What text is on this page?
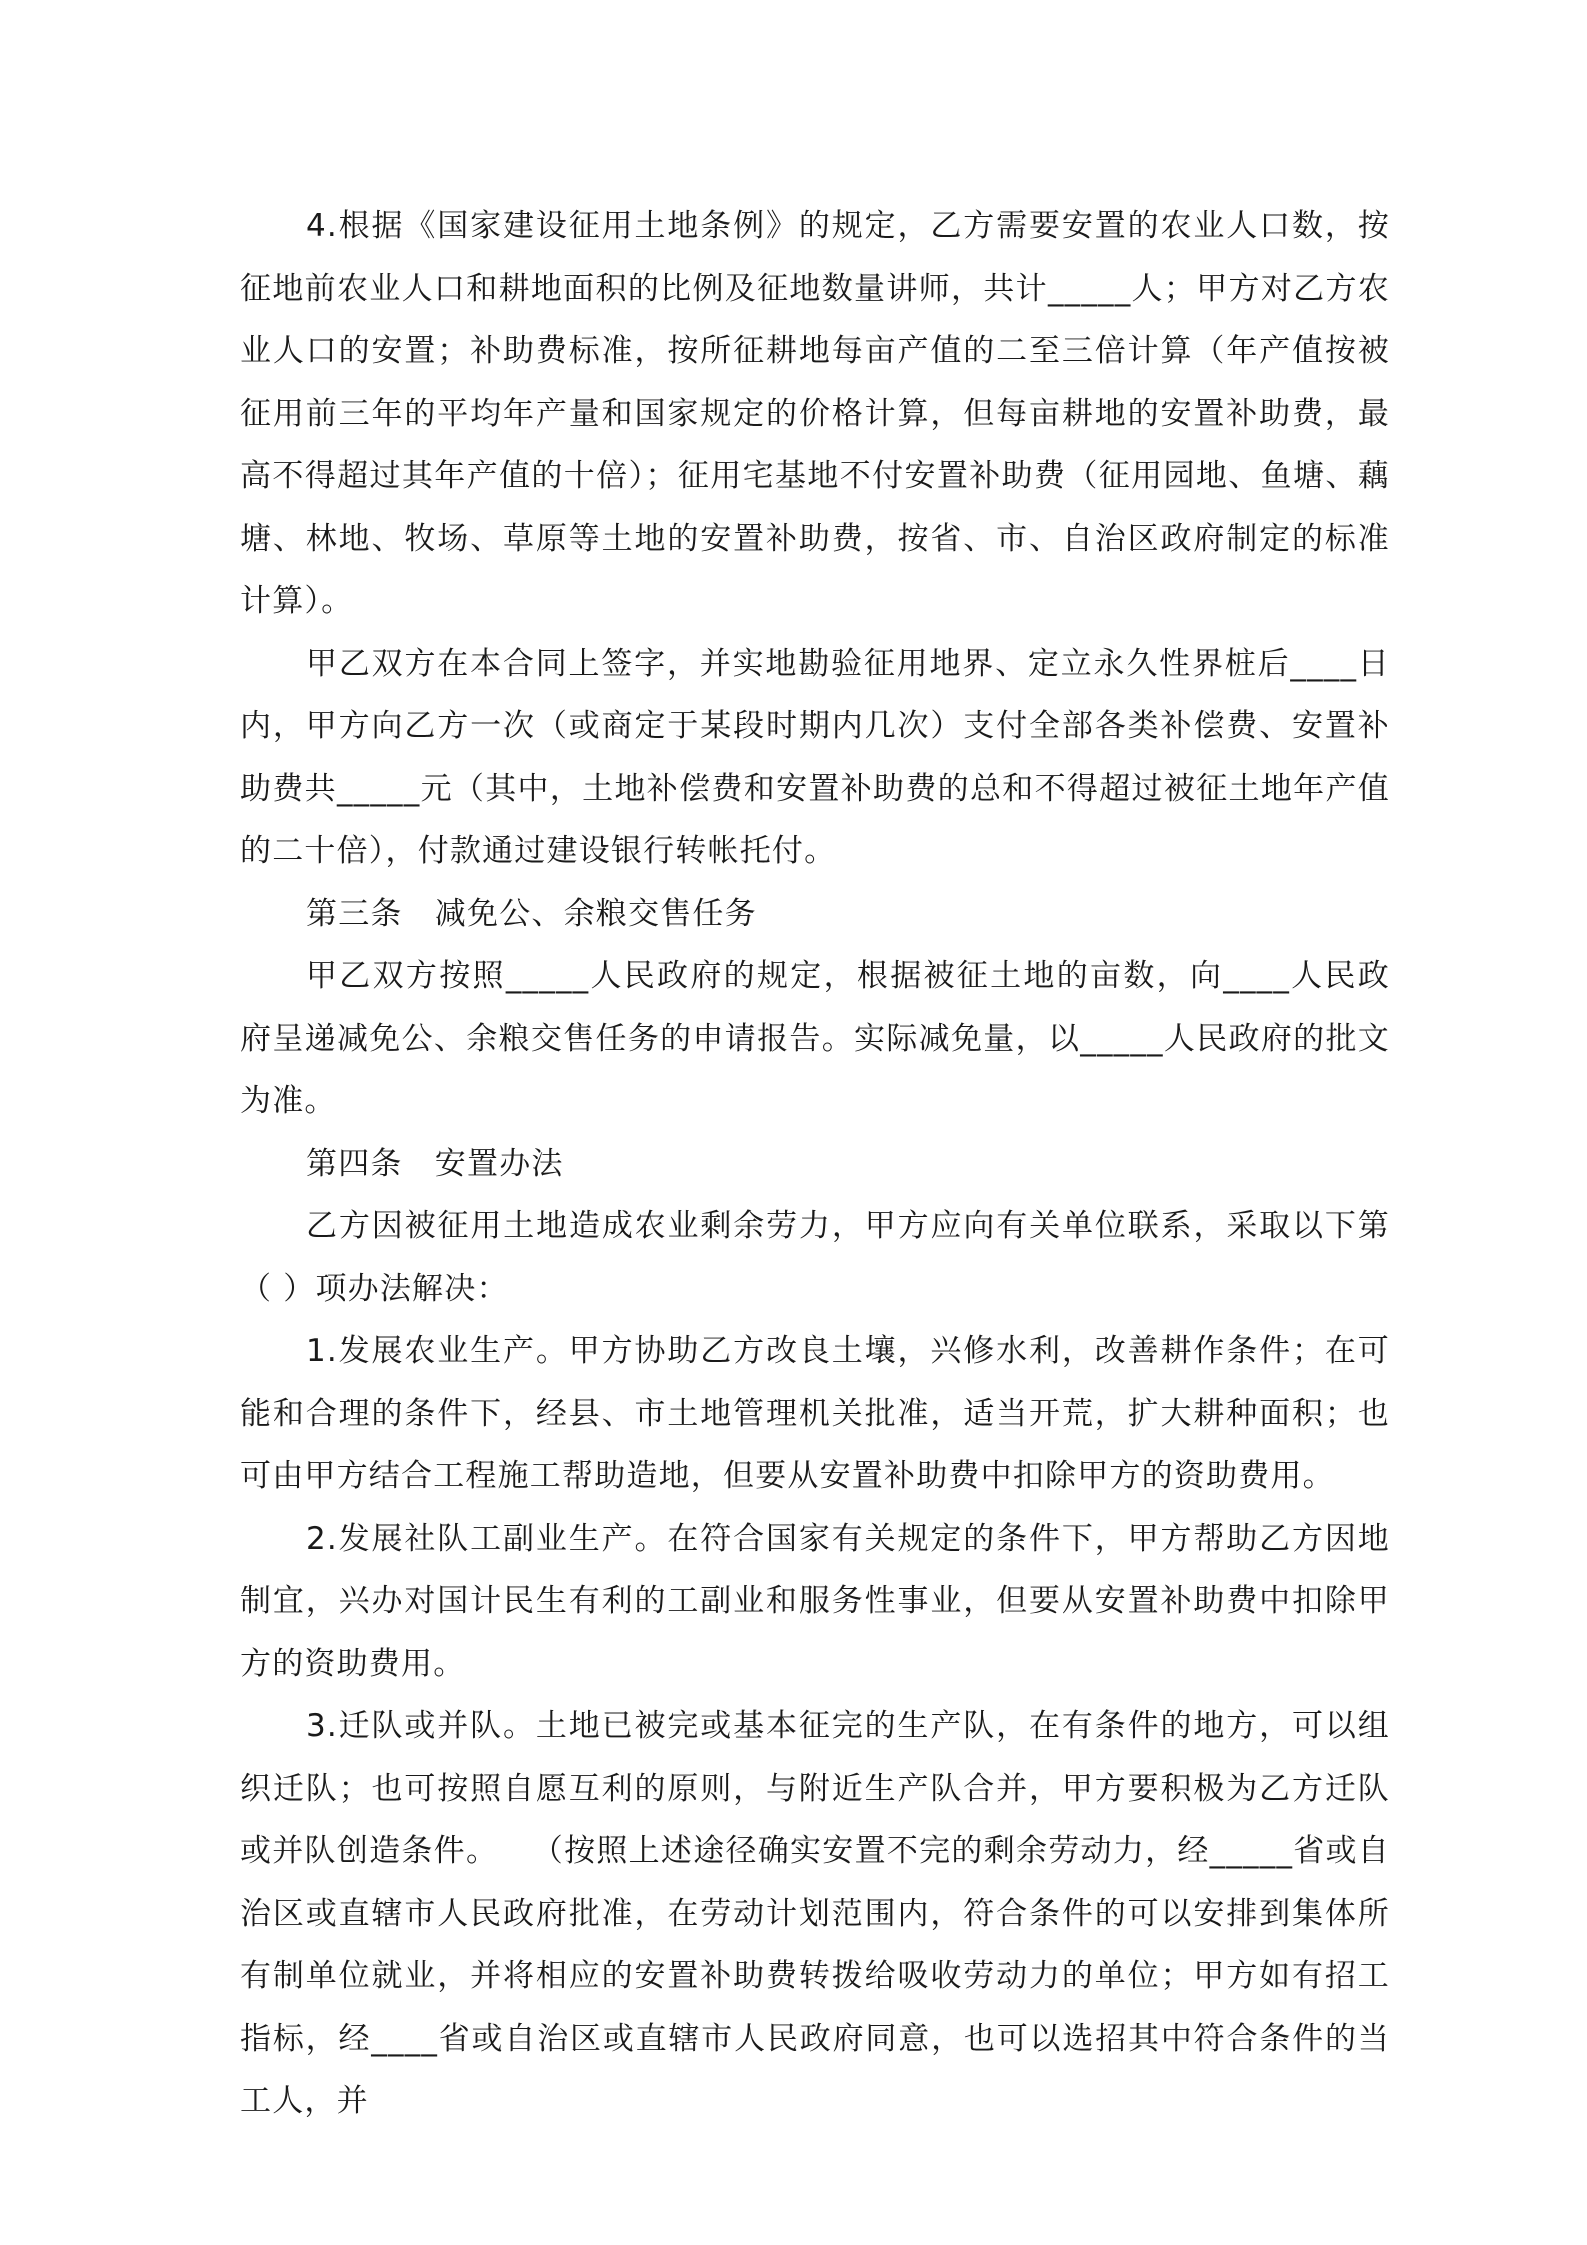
4.根据《国家建设征用土地条例》的规定，乙方需要安置的农业人口数，按征地前农业人口和耕地面积的比例及征地数量讲师，共计_____人；甲方对乙方农业人口的安置；补助费标准，按所征耕地每亩产值的二至三倍计算（年产值按被征用前三年的平均年产量和国家规定的价格计算，但每亩耕地的安置补助费，最高不得超过其年产值的十倍）；征用宅基地不付安置补助费（征用园地、鱼塘、藕塘、林地、牧场、草原等土地的安置补助费，按省、市、自治区政府制定的标准计算）。

甲乙双方在本合同上签字，并实地勘验征用地界、定立永久性界桩后____日内，甲方向乙方一次（或商定于某段时期内几次）支付全部各类补偿费、安置补助费共_____元（其中，土地补偿费和安置补助费的总和不得超过被征土地年产值的二十倍），付款通过建设银行转帐托付。

第三条　减免公、余粮交售任务

甲乙双方按照_____人民政府的规定，根据被征土地的亩数，向____人民政府呈递减免公、余粮交售任务的申请报告。实际减免量，以_____人民政府的批文为准。

第四条　安置办法

乙方因被征用土地造成农业剩余劳力，甲方应向有关单位联系，采取以下第（ ）项办法解决：

1.发展农业生产。甲方协助乙方改良土壤，兴修水利，改善耕作条件；在可能和合理的条件下，经县、市土地管理机关批准，适当开荒，扩大耕种面积；也可由甲方结合工程施工帮助造地，但要从安置补助费中扣除甲方的资助费用。

2.发展社队工副业生产。在符合国家有关规定的条件下，甲方帮助乙方因地制宜，兴办对国计民生有利的工副业和服务性事业，但要从安置补助费中扣除甲方的资助费用。

3.迁队或并队。土地已被完或基本征完的生产队，在有条件的地方，可以组织迁队；也可按照自愿互利的原则，与附近生产队合并，甲方要积极为乙方迁队或并队创造条件。　　（按照上述途径确实安置不完的剩余劳动力，经_____省或自治区或直辖市人民政府批准，在劳动计划范围内，符合条件的可以安排到集体所有制单位就业，并将相应的安置补助费转拨给吸收劳动力的单位；甲方如有招工指标，经____省或自治区或直辖市人民政府同意，也可以选招其中符合条件的当工人，并
